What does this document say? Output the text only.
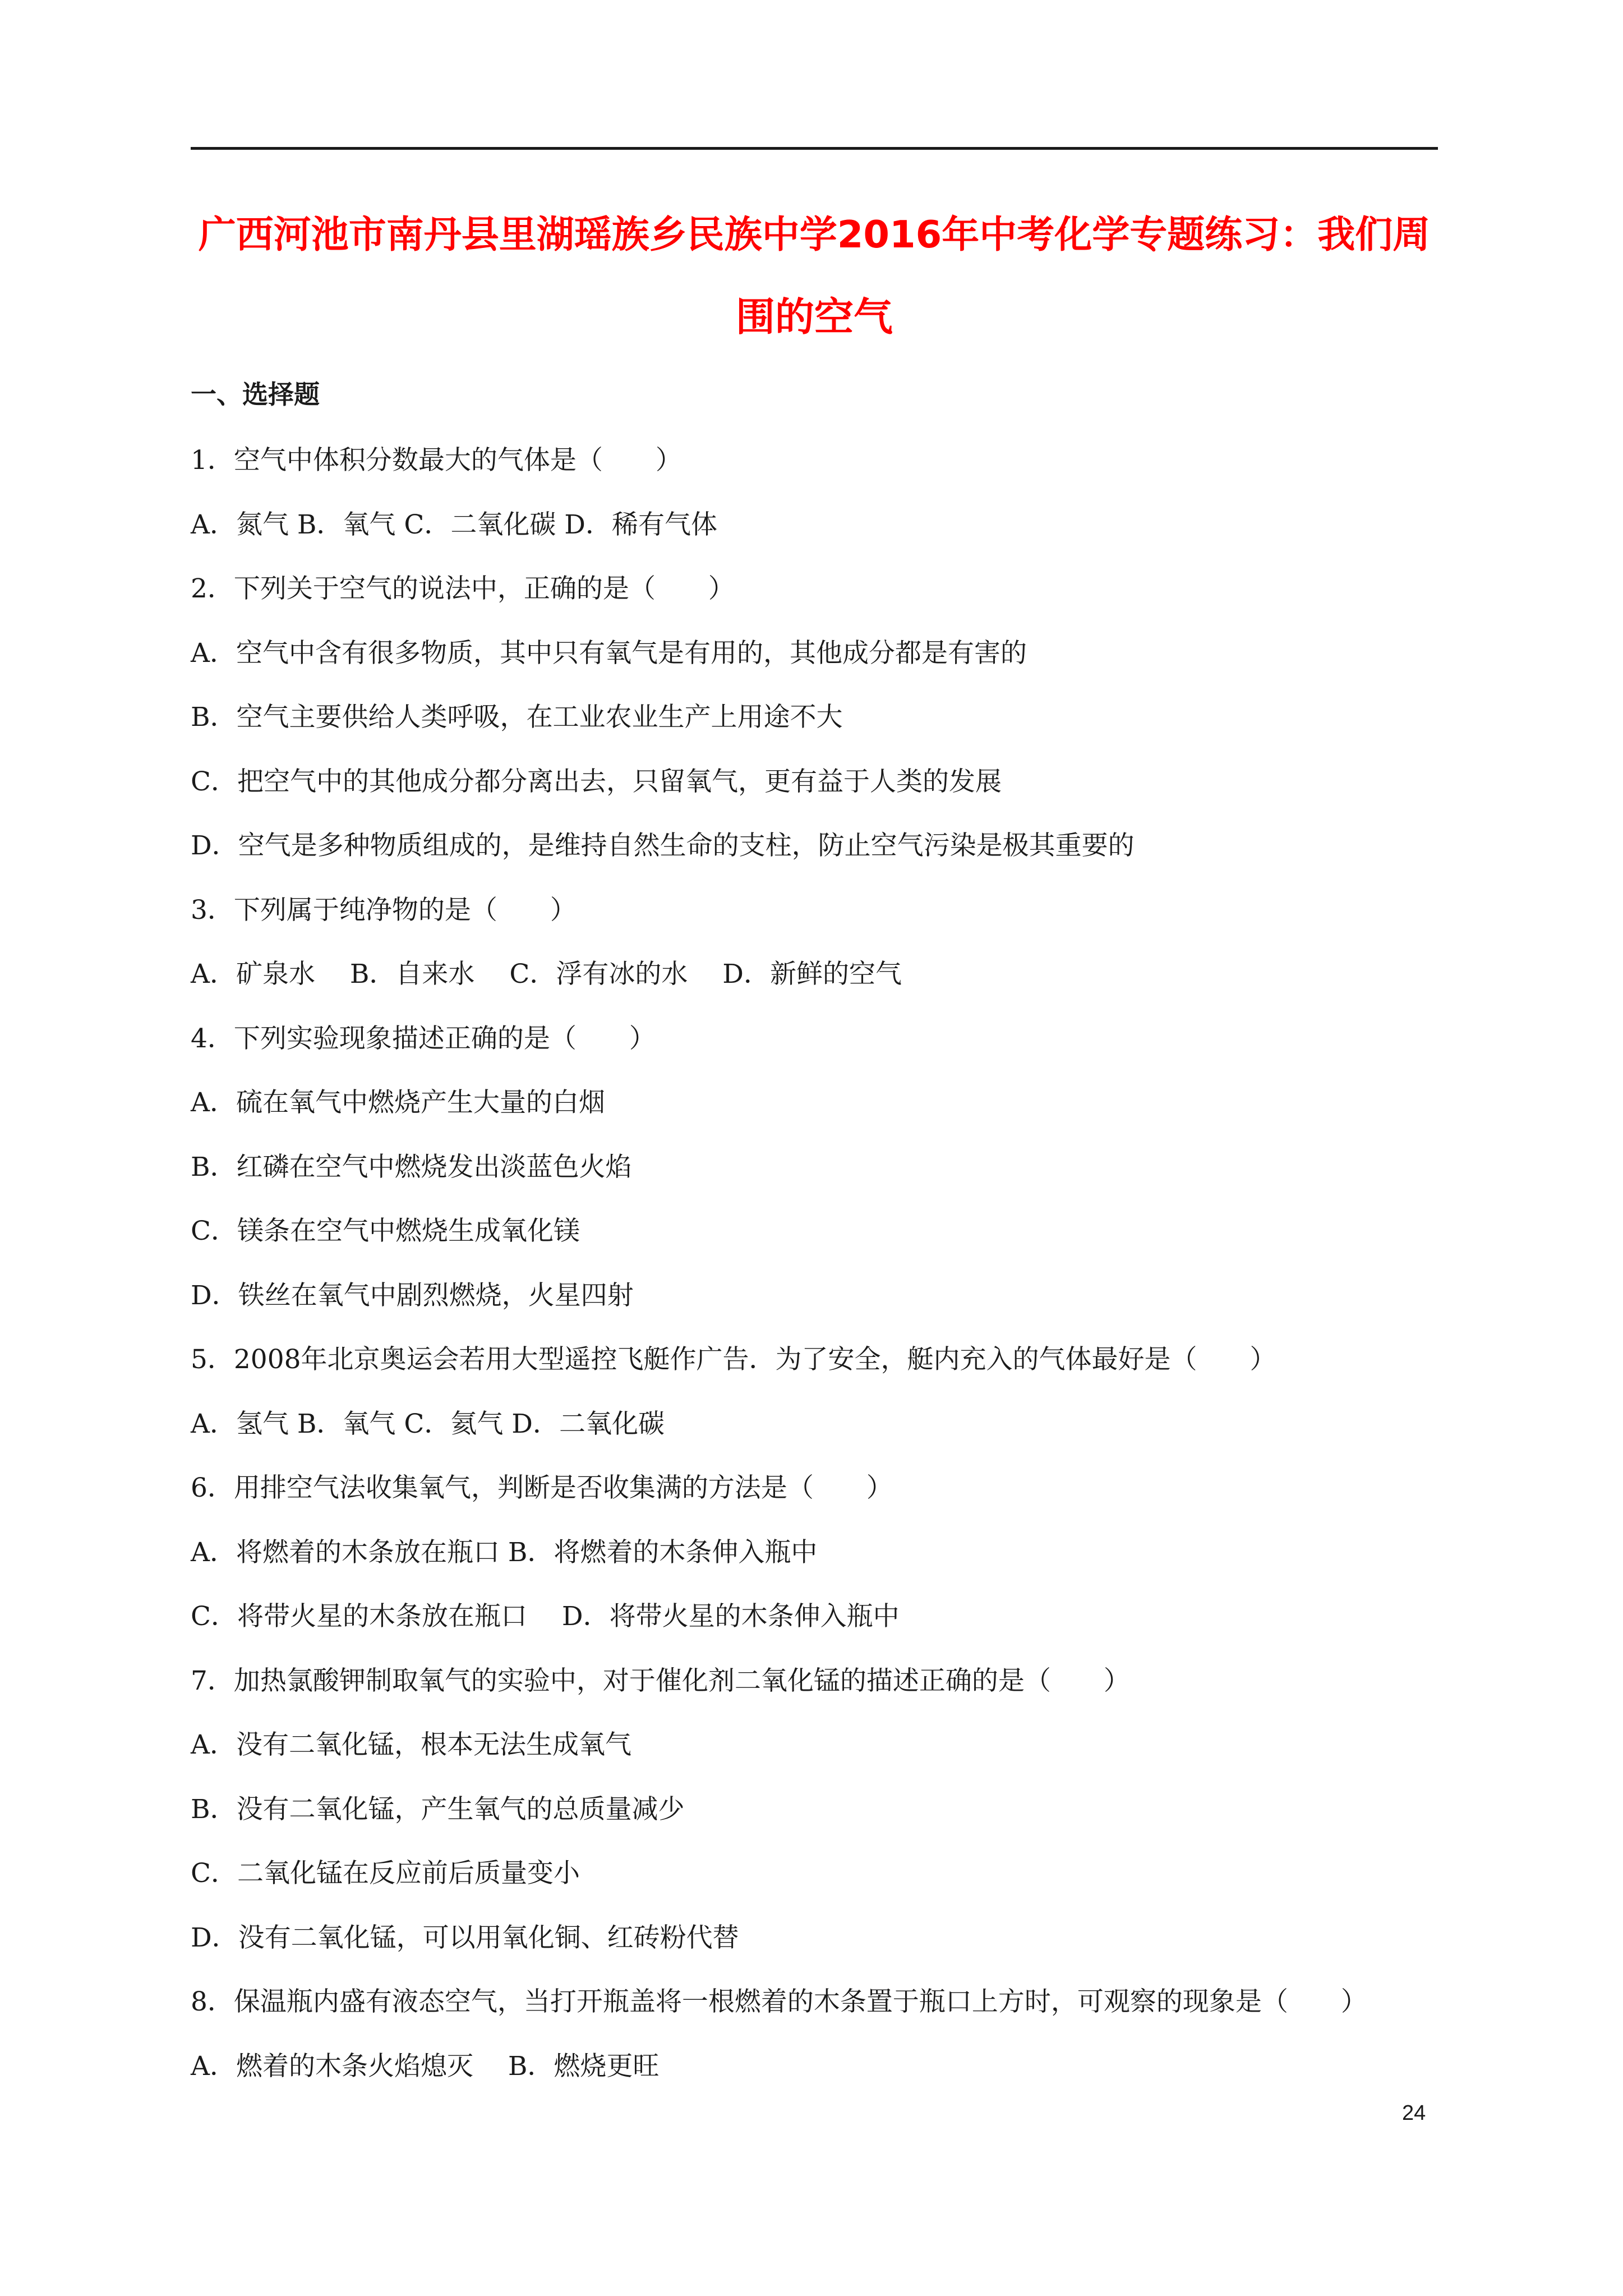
广西河池市南丹县里湖瑶族乡民族中学2016年中考化学专题练习：我们周
围的空气
一、选择题
1．空气中体积分数最大的气体是（　　）
A．氮气 B．氧气 C．二氧化碳 D．稀有气体
2．下列关于空气的说法中，正确的是（　　）
A．空气中含有很多物质，其中只有氧气是有用的，其他成分都是有害的
B．空气主要供给人类呼吸，在工业农业生产上用途不大
C．把空气中的其他成分都分离出去，只留氧气，更有益于人类的发展
D．空气是多种物质组成的，是维持自然生命的支柱，防止空气污染是极其重要的
3．下列属于纯净物的是（　　）
A．矿泉水　 B．自来水　 C．浮有冰的水　 D．新鲜的空气
4．下列实验现象描述正确的是（　　）
A．硫在氧气中燃烧产生大量的白烟
B．红磷在空气中燃烧发出淡蓝色火焰
C．镁条在空气中燃烧生成氧化镁
D．铁丝在氧气中剧烈燃烧，火星四射
5．2008年北京奥运会若用大型遥控飞艇作广告．为了安全，艇内充入的气体最好是（　　）
A．氢气 B．氧气 C．氦气 D．二氧化碳
6．用排空气法收集氧气，判断是否收集满的方法是（　　）
A．将燃着的木条放在瓶口 B．将燃着的木条伸入瓶中
C．将带火星的木条放在瓶口　 D．将带火星的木条伸入瓶中
7．加热氯酸钾制取氧气的实验中，对于催化剂二氧化锰的描述正确的是（　　）
A．没有二氧化锰，根本无法生成氧气
B．没有二氧化锰，产生氧气的总质量减少
C．二氧化锰在反应前后质量变小
D．没有二氧化锰，可以用氧化铜、红砖粉代替
8．保温瓶内盛有液态空气，当打开瓶盖将一根燃着的木条置于瓶口上方时，可观察的现象是（　　）
A．燃着的木条火焰熄灭　 B．燃烧更旺
24
